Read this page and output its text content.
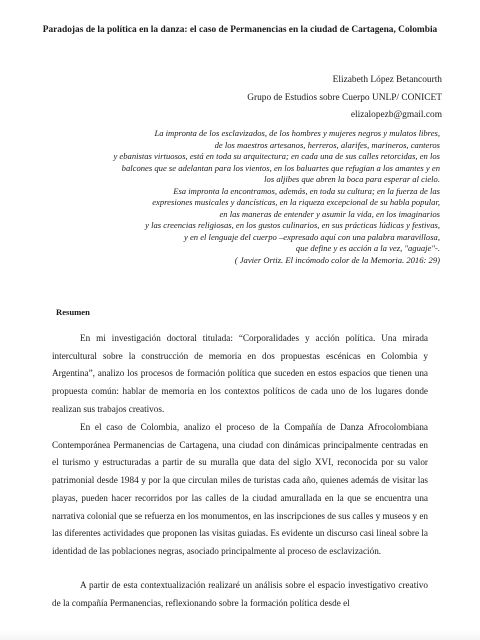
Paradojas de la política en la danza: el caso de Permanencias en la ciudad de Cartagena, Colombia
Elizabeth López Betancourth
Grupo de Estudios sobre Cuerpo UNLP/ CONICET
elizalopezb@gmail.com
La impronta de los esclavizados, de los hombres y mujeres negros y mulatos libres,
de los maestros artesanos, herreros, alarifes, marineros, canteros
y ebanistas virtuosos, está en toda su arquitectura; en cada una de sus calles retorcidas, en los
balcones que se adelantan para los vientos, en los baluartes que refugian a los amantes y en
los aljibes que abren la boca para esperar al cielo.
Esa impronta la encontramos, además, en toda su cultura; en la fuerza de las
expresiones musicales y dancísticas, en la riqueza excepcional de su habla popular,
en las maneras de entender y asumir la vida, en los imaginarios
y las creencias religiosas, en los gustos culinarios, en sus prácticas lúdicas y festivas,
y en el lenguaje del cuerpo –expresado aquí con una palabra maravillosa,
que define y es acción a la vez, "aguaje"-.
( Javier Ortiz. El incómodo color de la Memoria. 2016: 29)
Resumen

En mi investigación doctoral titulada: “Corporalidades y acción política. Una mirada intercultural sobre la construcción de memoria en dos propuestas escénicas en Colombia y Argentina”, analizo los procesos de formación política que suceden en estos espacios que tienen una propuesta común: hablar de memoria en los contextos políticos de cada uno de los lugares donde realizan sus trabajos creativos.

En el caso de Colombia, analizo el proceso de la Compañía de Danza Afrocolombiana Contemporánea Permanencias de Cartagena, una ciudad con dinámicas principalmente centradas en el turismo y estructuradas a partir de su muralla que data del siglo XVI, reconocida por su valor patrimonial desde 1984 y por la que circulan miles de turistas cada año, quienes además de visitar las playas, pueden hacer recorridos por las calles de la ciudad amurallada en la que se encuentra una narrativa colonial que se refuerza en los monumentos, en las inscripciones de sus calles y museos y en las diferentes actividades que proponen las visitas guiadas. Es evidente un discurso casi lineal sobre la identidad de las poblaciones negras, asociado principalmente al proceso de esclavización.

A partir de esta contextualización realizaré un análisis sobre el espacio investigativo creativo de la compañía Permanencias, reflexionando sobre la formación política desde el
